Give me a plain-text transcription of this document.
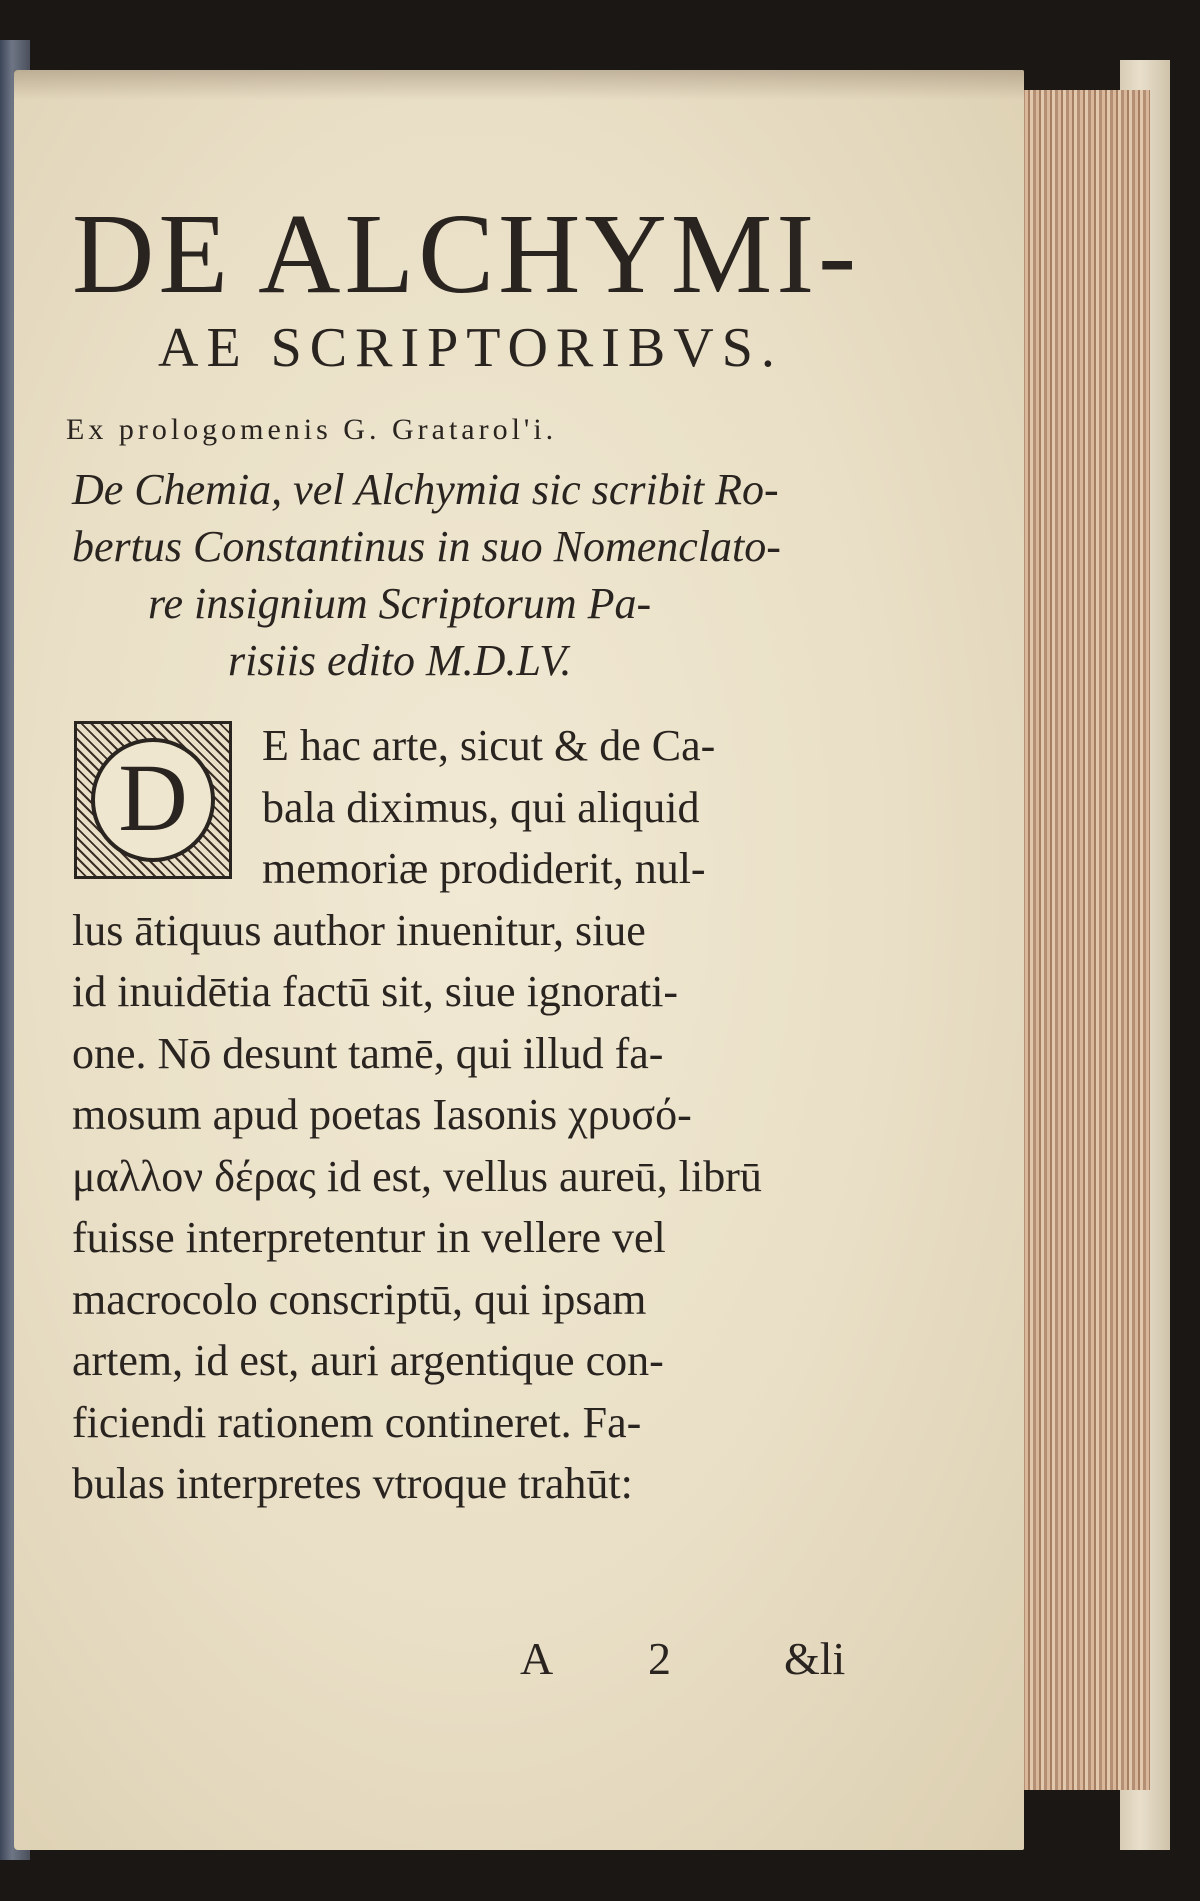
DE ALCHYMI-
AE SCRIPTORIBVS.
Ex prologomenis G. Gratarol'i.
De Chemia, vel Alchymia sic scribit Ro-
bertus Constantinus in suo Nomenclato-
re insignium Scriptorum Pa-
risiis edito M.D.LV.
D	E hac arte, sicut & de Ca-
bala diximus, qui aliquid
memoriæ prodiderit, nul-
lus ātiquus author inuenitur, siue
id inuidētia factū sit, siue ignorati-
one. Nō desunt tamē, qui illud fa-
mosum apud poetas Iasonis χρυσό-
μαλλον δέρας id est, vellus aureū, librū
fuisse interpretentur in vellere vel
macrocolo conscriptū, qui ipsam
artem, id est, auri argentique con-
ficiendi rationem contineret. Fa-
bulas interpretes vtroque trahūt:
A 2 &li
